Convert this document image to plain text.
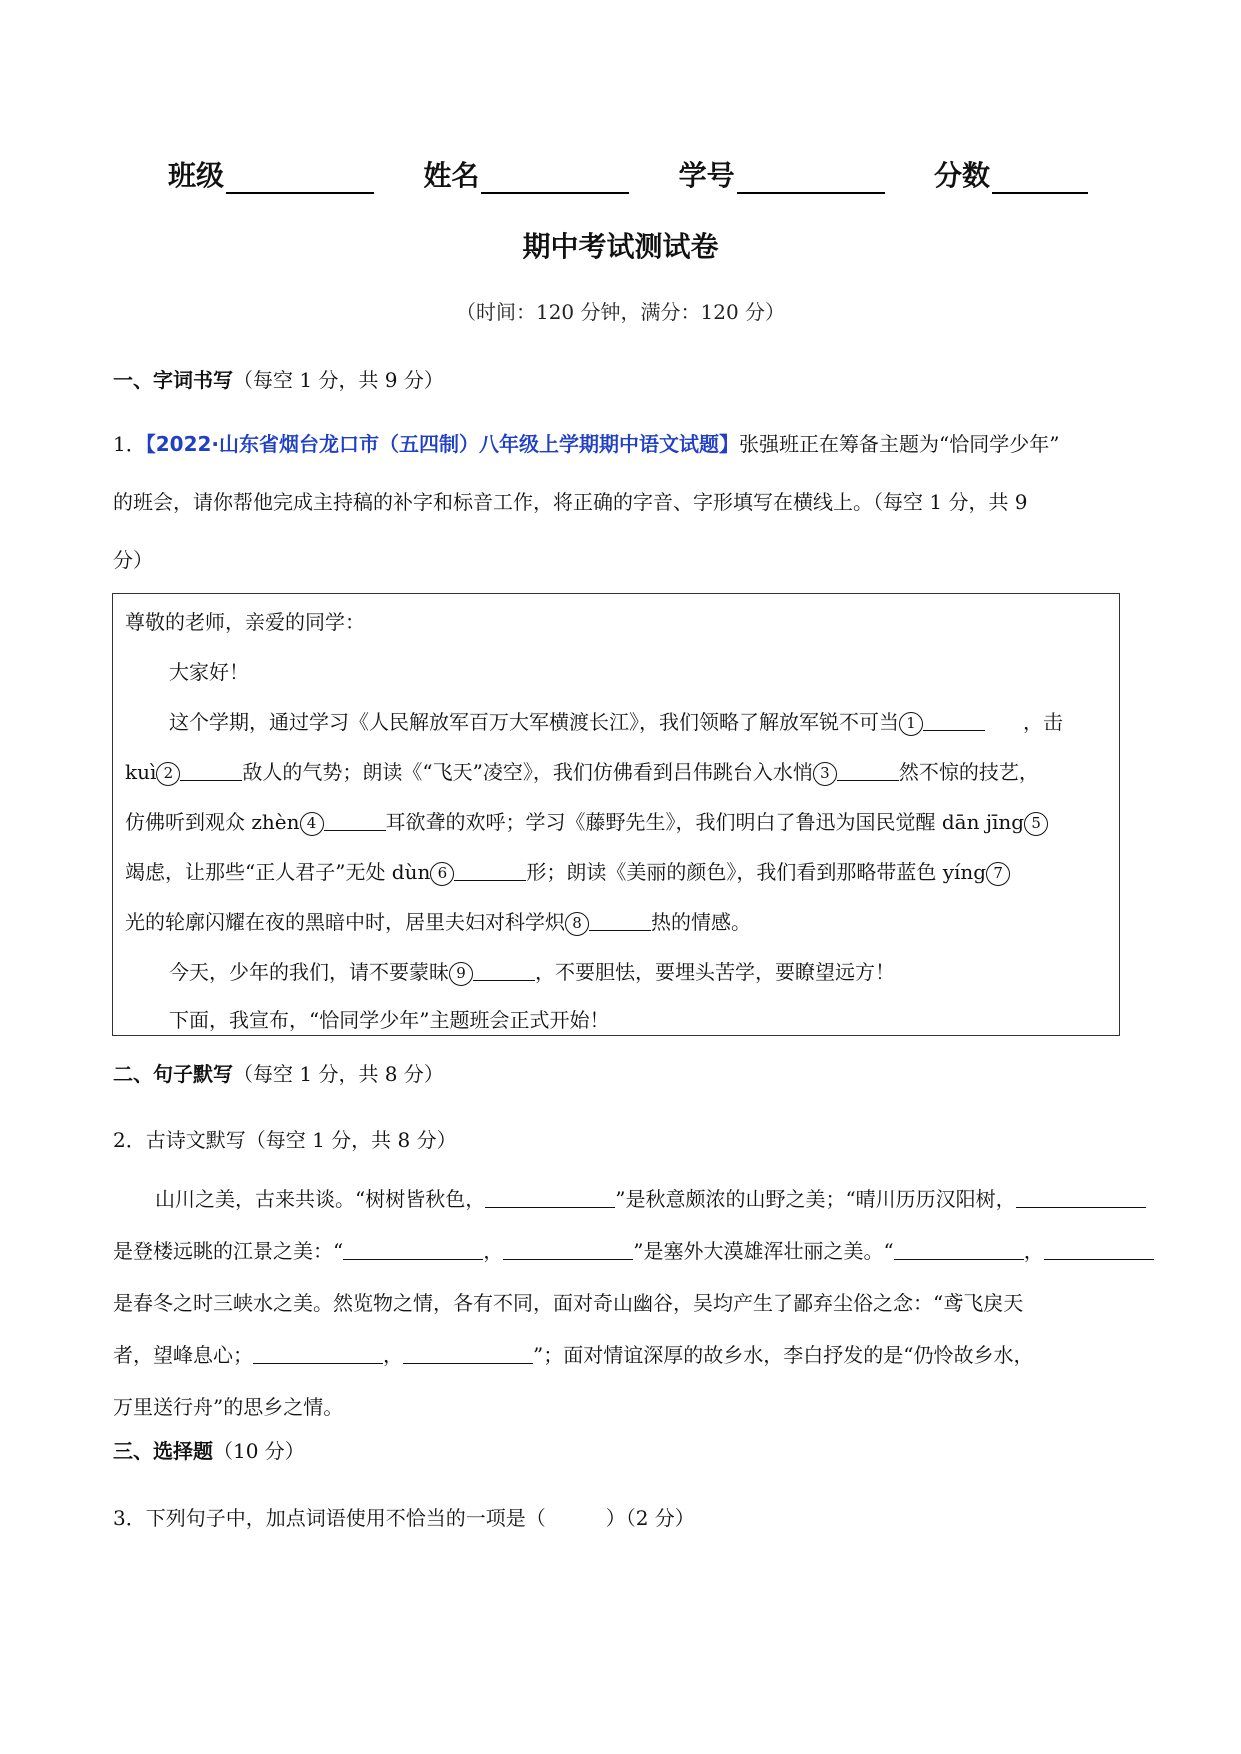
班级	姓名	学号	分数
期中考试测试卷
（时间：120 分钟，满分：120 分）
一、字词书写（每空 1 分，共 9 分）
1．【2022·山东省烟台龙口市（五四制）八年级上学期期中语文试题】张强班正在筹备主题为“恰同学少年”
的班会，请你帮他完成主持稿的补字和标音工作，将正确的字音、字形填写在横线上。（每空 1 分，共 9
分）
尊敬的老师，亲爱的同学：
大家好！
这个学期，通过学习《人民解放军百万大军横渡长江》，我们领略了解放军锐不可当 1	，击
kuì 2	敌人的气势；朗读《“飞天”凌空》，我们仿佛看到吕伟跳台入水悄 3	然不惊的技艺，
仿佛听到观众 zhèn 4	耳欲聋的欢呼；学习《藤野先生》，我们明白了鲁迅为国民觉醒 dān jīng 5
竭虑，让那些“正人君子”无处 dùn 6	形；朗读《美丽的颜色》，我们看到那略带蓝色 yíng 7
光的轮廓闪耀在夜的黑暗中时，居里夫妇对科学炽 8	热的情感。
今天，少年的我们，请不要蒙昧 9	，不要胆怯，要埋头苦学，要瞭望远方！
下面，我宣布，“恰同学少年”主题班会正式开始！
二、句子默写（每空 1 分，共 8 分）
2．古诗文默写（每空 1 分，共 8 分）
山川之美，古来共谈。“树树皆秋色，	”是秋意颇浓的山野之美；“晴川历历汉阳树，
是登楼远眺的江景之美：“	，	”是塞外大漠雄浑壮丽之美。“	，
是春冬之时三峡水之美。然览物之情，各有不同，面对奇山幽谷，吴均产生了鄙弃尘俗之念：“鸢飞戾天
者，望峰息心；	，	”；面对情谊深厚的故乡水，李白抒发的是“仍怜故乡水，
万里送行舟”的思乡之情。
三、选择题（10 分）
3．下列句子中，加点词语使用不恰当的一项是（　　　）（2 分）
